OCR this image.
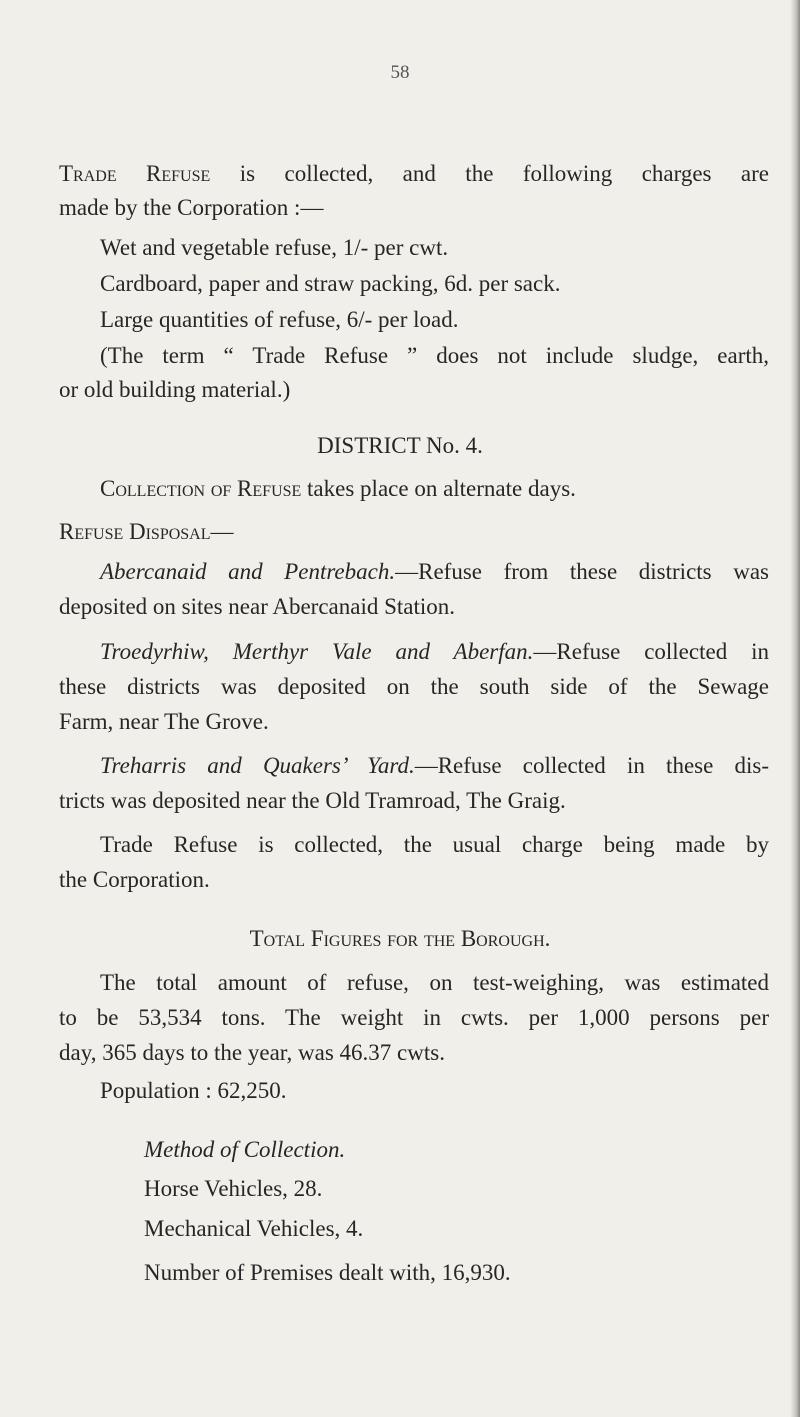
58
Trade Refuse is collected, and the following charges are
made by the Corporation :—
Wet and vegetable refuse, 1/- per cwt.
Cardboard, paper and straw packing, 6d. per sack.
Large quantities of refuse, 6/- per load.
(The term “ Trade Refuse ” does not include sludge, earth,
or old building material.)
DISTRICT No. 4.
Collection of Refuse takes place on alternate days.
Refuse Disposal—
Abercanaid and Pentrebach.—Refuse from these districts was
deposited on sites near Abercanaid Station.
Troedyrhiw, Merthyr Vale and Aberfan.—Refuse collected in
these districts was deposited on the south side of the Sewage
Farm, near The Grove.
Treharris and Quakers’ Yard.—Refuse collected in these dis-
tricts was deposited near the Old Tramroad, The Graig.
Trade Refuse is collected, the usual charge being made by
the Corporation.
Total Figures for the Borough.
The total amount of refuse, on test-weighing, was estimated
to be 53,534 tons. The weight in cwts. per 1,000 persons per
day, 365 days to the year, was 46.37 cwts.
Population : 62,250.
Method of Collection.
Horse Vehicles, 28.
Mechanical Vehicles, 4.
Number of Premises dealt with, 16,930.
